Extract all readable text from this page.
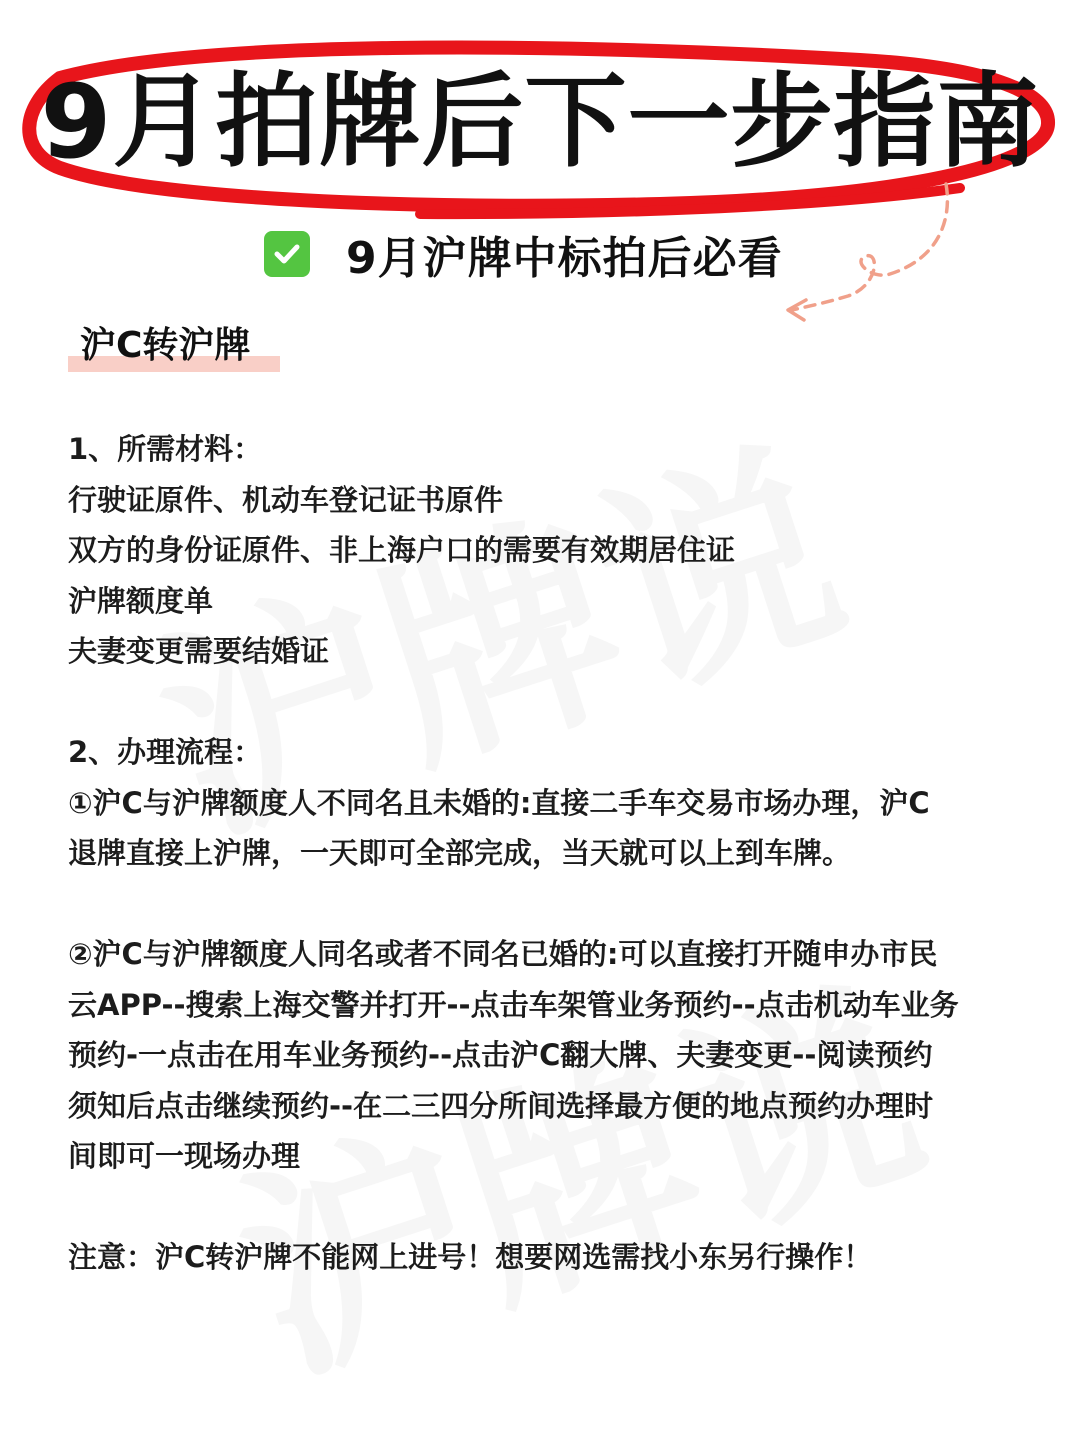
9月拍牌后下一步指南
9月沪牌中标拍后必看
沪C转沪牌

1、所需材料：

行驶证原件、机动车登记证书原件

双方的身份证原件、非上海户口的需要有效期居住证

沪牌额度单

夫妻变更需要结婚证

2、办理流程：

①沪C与沪牌额度人不同名且未婚的:直接二手车交易市场办理，沪C

退牌直接上沪牌，一天即可全部完成，当天就可以上到车牌。

②沪C与沪牌额度人同名或者不同名已婚的:可以直接打开随申办市民

云APP--搜索上海交警并打开--点击车架管业务预约--点击机动车业务

预约-一点击在用车业务预约--点击沪C翻大牌、夫妻变更--阅读预约

须知后点击继续预约--在二三四分所间选择最方便的地点预约办理时

间即可一现场办理

注意：沪C转沪牌不能网上进号！想要网选需找小东另行操作！
